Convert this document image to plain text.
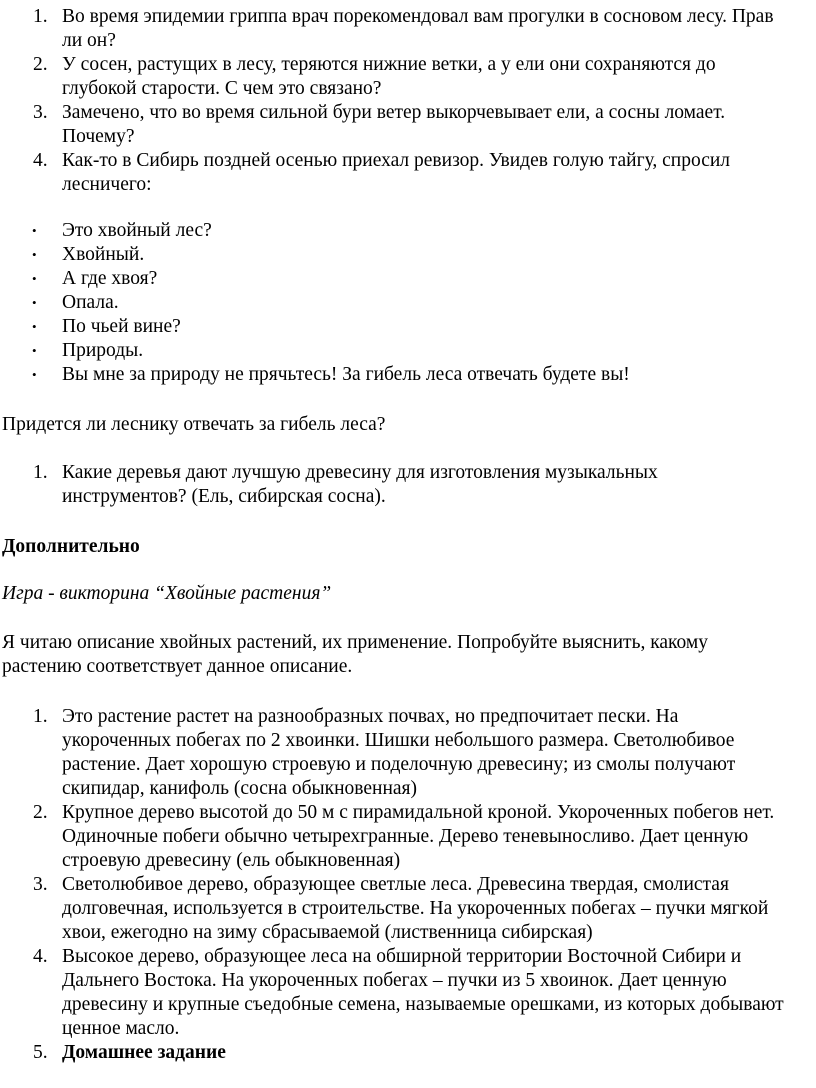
1. Во время эпидемии гриппа врач порекомендовал вам прогулки в сосновом лесу. Прав ли он?
2. У сосен, растущих в лесу, теряются нижние ветки, а у ели они сохраняются до глубокой старости. С чем это связано?
3. Замечено, что во время сильной бури ветер выкорчевывает ели, а сосны ломает. Почему?
4. Как-то в Сибирь поздней осенью приехал ревизор. Увидев голую тайгу, спросил лесничего:
• Это хвойный лес?
• Хвойный.
• А где хвоя?
• Опала.
• По чьей вине?
• Природы.
• Вы мне за природу не прячьтесь! За гибель леса отвечать будете вы!

Придется ли леснику отвечать за гибель леса?

1. Какие деревья дают лучшую древесину для изготовления музыкальных инструментов? (Ель, сибирская сосна).

Дополнительно

Игра - викторина “Хвойные растения”

Я читаю описание хвойных растений, их применение. Попробуйте выяснить, какому растению соответствует данное описание.

1. Это растение растет на разнообразных почвах, но предпочитает пески. На укороченных побегах по 2 хвоинки. Шишки небольшого размера. Светолюбивое растение. Дает хорошую строевую и поделочную древесину; из смолы получают скипидар, канифоль (сосна обыкновенная)
2. Крупное дерево высотой до 50 м с пирамидальной кроной. Укороченных побегов нет. Одиночные побеги обычно четырехгранные. Дерево теневыносливо. Дает ценную строевую древесину (ель обыкновенная)
3. Светолюбивое дерево, образующее светлые леса. Древесина твердая, смолистая долговечная, используется в строительстве. На укороченных побегах – пучки мягкой хвои, ежегодно на зиму сбрасываемой (лиственница сибирская)
4. Высокое дерево, образующее леса на обширной территории Восточной Сибири и Дальнего Востока. На укороченных побегах – пучки из 5 хвоинок. Дает ценную древесину и крупные съедобные семена, называемые орешками, из которых добывают ценное масло.
5. Домашнее задание
